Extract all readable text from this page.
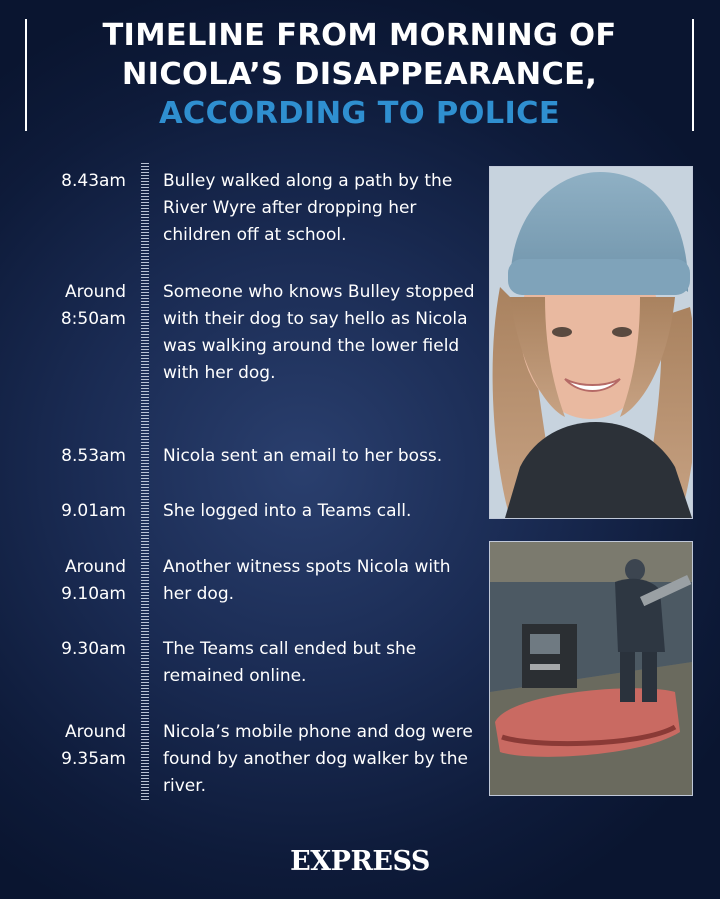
TIMELINE FROM MORNING OF
NICOLA’S DISAPPEARANCE,
ACCORDING TO POLICE
8.43am Bulley walked along a path by the River Wyre after dropping her children off at school.
Around 8:50am
Someone who knows Bulley stopped with their dog to say hello as Nicola was walking around the lower field with her dog.
8.53am Nicola sent an email to her boss.
9.01am She logged into a Teams call.
Around 9.10am
Another witness spots Nicola with her dog.
9.30am The Teams call ended but she remained online.
Around 9.35am
Nicola’s mobile phone and dog were found by another dog walker by the river.
EXPRESS
